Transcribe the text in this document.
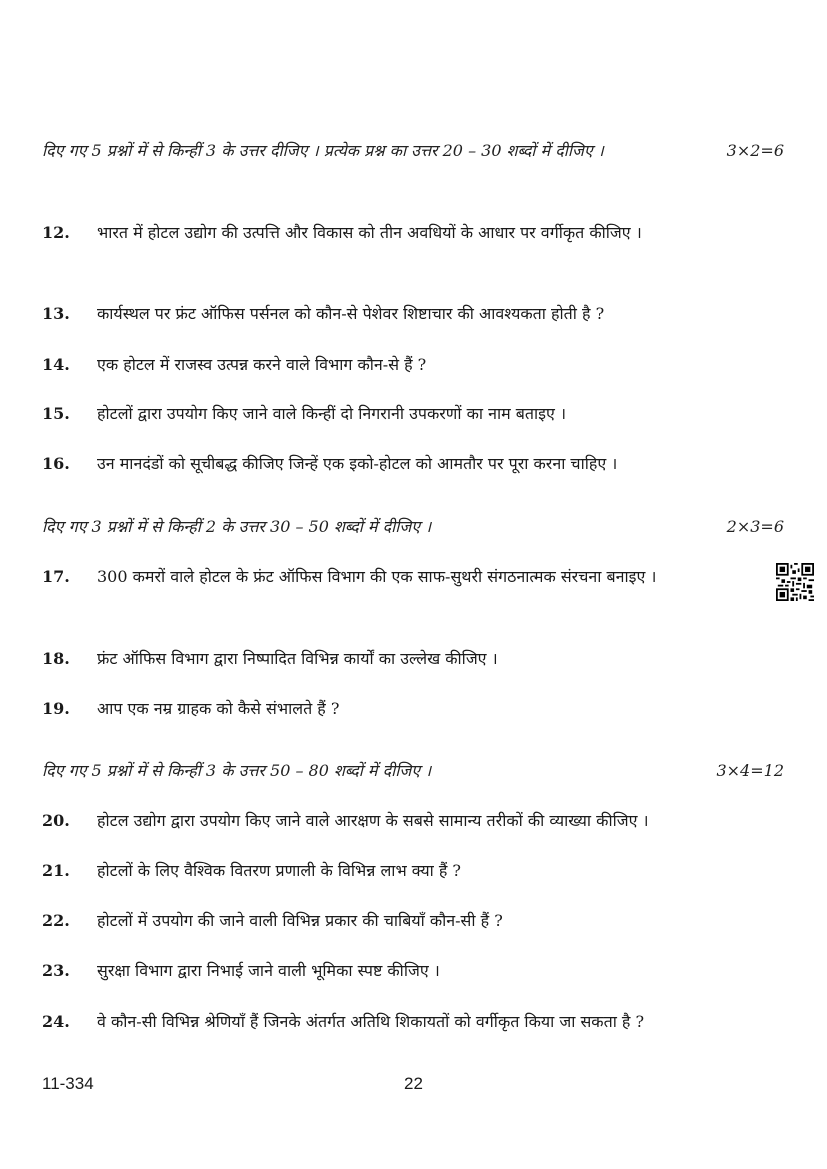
दिए गए 5 प्रश्नों में से किन्हीं 3 के उत्तर दीजिए । प्रत्येक प्रश्न का उत्तर 20 – 30 शब्दों में दीजिए ।	3×2=6
12. भारत में होटल उद्योग की उत्पत्ति और विकास को तीन अवधियों के आधार पर वर्गीकृत कीजिए ।
13. कार्यस्थल पर फ्रंट ऑफिस पर्सनल को कौन-से पेशेवर शिष्टाचार की आवश्यकता होती है ?
14. एक होटल में राजस्व उत्पन्न करने वाले विभाग कौन-से हैं ?
15. होटलों द्वारा उपयोग किए जाने वाले किन्हीं दो निगरानी उपकरणों का नाम बताइए ।
16. उन मानदंडों को सूचीबद्ध कीजिए जिन्हें एक इको-होटल को आमतौर पर पूरा करना चाहिए ।
दिए गए 3 प्रश्नों में से किन्हीं 2 के उत्तर 30 – 50 शब्दों में दीजिए ।	2×3=6
17. 300 कमरों वाले होटल के फ्रंट ऑफिस विभाग की एक साफ-सुथरी संगठनात्मक संरचना बनाइए ।
18. फ्रंट ऑफिस विभाग द्वारा निष्पादित विभिन्न कार्यों का उल्लेख कीजिए ।
19. आप एक नम्र ग्राहक को कैसे संभालते हैं ?
दिए गए 5 प्रश्नों में से किन्हीं 3 के उत्तर 50 – 80 शब्दों में दीजिए ।	3×4=12
20. होटल उद्योग द्वारा उपयोग किए जाने वाले आरक्षण के सबसे सामान्य तरीकों की व्याख्या कीजिए ।
21. होटलों के लिए वैश्विक वितरण प्रणाली के विभिन्न लाभ क्या हैं ?
22. होटलों में उपयोग की जाने वाली विभिन्न प्रकार की चाबियाँ कौन-सी हैं ?
23. सुरक्षा विभाग द्वारा निभाई जाने वाली भूमिका स्पष्ट कीजिए ।
24. वे कौन-सी विभिन्न श्रेणियाँ हैं जिनके अंतर्गत अतिथि शिकायतों को वर्गीकृत किया जा सकता है ?
11-334	22
